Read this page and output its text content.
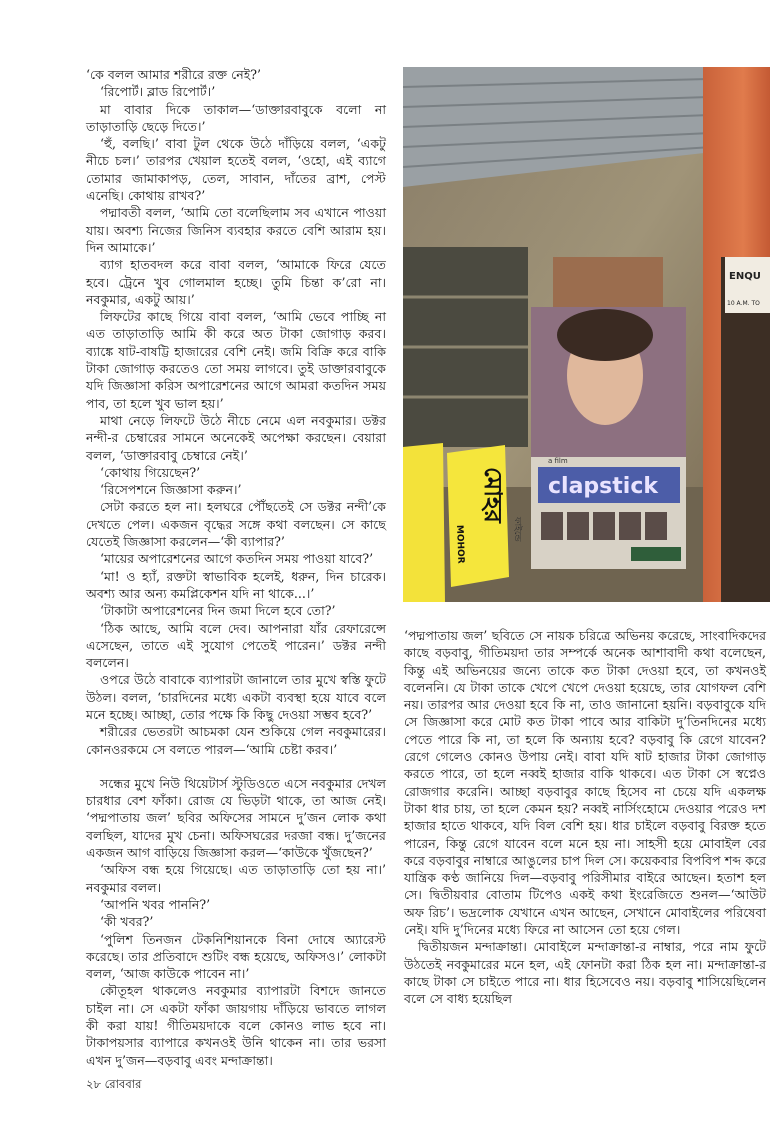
‘কে বলল আমার শরীরে রক্ত নেই?’

‘রিপোর্ট। ব্লাড রিপোর্ট।’

মা বাবার দিকে তাকাল—‘ডাক্তারবাবুকে বলো না তাড়াতাড়ি ছেড়ে দিতে।’

‘হুঁ, বলছি।’ বাবা টুল থেকে উঠে দাঁড়িয়ে বলল, ‘একটু নীচে চল।’ তারপর খেয়াল হতেই বলল, ‘ওহো, এই ব্যাগে তোমার জামাকাপড়, তেল, সাবান, দাঁতের ব্রাশ, পেস্ট এনেছি। কোথায় রাখব?’

পদ্মাবতী বলল, ‘আমি তো বলেছিলাম সব এখানে পাওয়া যায়। অবশ্য নিজের জিনিস ব্যবহার করতে বেশি আরাম হয়। দিন আমাকে।’

ব্যাগ হাতবদল করে বাবা বলল, ‘আমাকে ফিরে যেতে হবে। ট্রেনে খুব গোলমাল হচ্ছে। তুমি চিন্তা ক’রো না। নবকুমার, একটু আয়।’

লিফটের কাছে গিয়ে বাবা বলল, ‘আমি ভেবে পাচ্ছি না এত তাড়াতাড়ি আমি কী করে অত টাকা জোগাড় করব। ব্যাঙ্কে ষাট-বাষট্টি হাজারের বেশি নেই। জমি বিক্রি করে বাকি টাকা জোগাড় করতেও তো সময় লাগবে। তুই ডাক্তারবাবুকে যদি জিজ্ঞাসা করিস অপারেশনের আগে আমরা কতদিন সময় পাব, তা হলে খুব ভাল হয়।’

মাথা নেড়ে লিফটে উঠে নীচে নেমে এল নবকুমার। ডক্টর নন্দী-র চেম্বারের সামনে অনেকেই অপেক্ষা করছেন। বেয়ারা বলল, ‘ডাক্তারবাবু চেম্বারে নেই।’

‘কোথায় গিয়েছেন?’

‘রিসেপশনে জিজ্ঞাসা করুন।’

সেটা করতে হল না। হলঘরে পৌঁছতেই সে ডক্টর নন্দী’কে দেখতে পেল। একজন বৃদ্ধের সঙ্গে কথা বলছেন। সে কাছে যেতেই জিজ্ঞাসা করলেন—‘কী ব্যাপার?’

‘মায়ের অপারেশনের আগে কতদিন সময় পাওয়া যাবে?’

‘মা! ও হ্যাঁ, রক্তটা স্বাভাবিক হলেই, ধরুন, দিন চারেক। অবশ্য আর অন্য কমপ্লিকেশন যদি না থাকে...।’

‘টাকাটা অপারেশনের দিন জমা দিলে হবে তো?’

‘ঠিক আছে, আমি বলে দেব। আপনারা যাঁর রেফারেন্সে এসেছেন, তাতে এই সুযোগ পেতেই পারেন।’ ডক্টর নন্দী বললেন।

ওপরে উঠে বাবাকে ব্যাপারটা জানালে তার মুখে স্বস্তি ফুটে উঠল। বলল, ‘চারদিনের মধ্যে একটা ব্যবস্থা হয়ে যাবে বলে মনে হচ্ছে। আচ্ছা, তোর পক্ষে কি কিছু দেওয়া সম্ভব হবে?’

শরীরের ভেতরটা আচমকা যেন শুকিয়ে গেল নবকুমারের। কোনওরকমে সে বলতে পারল—‘আমি চেষ্টা করব।’

সন্ধের মুখে নিউ থিয়েটার্স স্টুডিওতে এসে নবকুমার দেখল চারধার বেশ ফাঁকা। রোজ যে ভিড়টা থাকে, তা আজ নেই। ‘পদ্মপাতায় জল’ ছবির অফিসের সামনে দু’জন লোক কথা বলছিল, যাদের মুখ চেনা। অফিসঘরের দরজা বন্ধ। দু’জনের একজন আগ বাড়িয়ে জিজ্ঞাসা করল—‘কাউকে খুঁজছেন?’

‘অফিস বন্ধ হয়ে গিয়েছে। এত তাড়াতাড়ি তো হয় না।’ নবকুমার বলল।

‘আপনি খবর পাননি?’

‘কী খবর?’

‘পুলিশ তিনজন টেকনিশিয়ানকে বিনা দোষে অ্যারেস্ট করেছে। তার প্রতিবাদে শুটিং বন্ধ হয়েছে, অফিসও।’ লোকটা বলল, ‘আজ কাউকে পাবেন না।’

কৌতূহল থাকলেও নবকুমার ব্যাপারটা বিশদে জানতে চাইল না। সে একটা ফাঁকা জায়গায় দাঁড়িয়ে ভাবতে লাগল কী করা যায়! গীতিময়দাকে বলে কোনও লাভ হবে না। টাকাপয়সার ব্যাপারে কখনওই উনি থাকেন না। তার ভরসা এখন দু’জন—বড়বাবু এবং মন্দাক্রান্তা।

ENQU
10 A.M. TO
clapstick
a film
ফাইন্ডে
MOHOR
মোহর

‘পদ্মপাতায় জল’ ছবিতে সে নায়ক চরিত্রে অভিনয় করেছে, সাংবাদিকদের কাছে বড়বাবু, গীতিময়দা তার সম্পর্কে অনেক আশাবাদী কথা বলেছেন, কিন্তু এই অভিনয়ের জন্যে তাকে কত টাকা দেওয়া হবে, তা কখনওই বলেননি। যে টাকা তাকে খেপে খেপে দেওয়া হয়েছে, তার যোগফল বেশি নয়। তারপর আর দেওয়া হবে কি না, তাও জানানো হয়নি। বড়বাবুকে যদি সে জিজ্ঞাসা করে মোট কত টাকা পাবে আর বাকিটা দু’তিনদিনের মধ্যে পেতে পারে কি না, তা হলে কি অন্যায় হবে? বড়বাবু কি রেগে যাবেন? রেগে গেলেও কোনও উপায় নেই। বাবা যদি ষাট হাজার টাকা জোগাড় করতে পারে, তা হলে নব্বই হাজার বাকি থাকবে। এত টাকা সে স্বপ্নেও রোজগার করেনি। আচ্ছা বড়বাবুর কাছে হিসেব না চেয়ে যদি একলক্ষ টাকা ধার চায়, তা হলে কেমন হয়? নব্বই নার্সিংহোমে দেওয়ার পরেও দশ হাজার হাতে থাকবে, যদি বিল বেশি হয়। ধার চাইলে বড়বাবু বিরক্ত হতে পারেন, কিন্তু রেগে যাবেন বলে মনে হয় না। সাহসী হয়ে মোবাইল বের করে বড়বাবুর নাম্বারে আঙুলের চাপ দিল সে। কয়েকবার বিপবিপ শব্দ করে যান্ত্রিক কণ্ঠ জানিয়ে দিল—বড়বাবু পরিসীমার বাইরে আছেন। হতাশ হল সে। দ্বিতীয়বার বোতাম টিপেও একই কথা ইংরেজিতে শুনল—‘আউট অফ রিচ’। ভদ্রলোক যেখানে এখন আছেন, সেখানে মোবাইলের পরিষেবা নেই। যদি দু’দিনের মধ্যে ফিরে না আসেন তো হয়ে গেল।

দ্বিতীয়জন মন্দাক্রান্তা। মোবাইলে মন্দাক্রান্তা-র নাম্বার, পরে নাম ফুটে উঠতেই নবকুমারের মনে হল, এই ফোনটা করা ঠিক হল না। মন্দাক্রান্তা-র কাছে টাকা সে চাইতে পারে না। ধার হিসেবেও নয়। বড়বাবু শাসিয়েছিলেন বলে সে বাধ্য হয়েছিল

২৮ রোববার
